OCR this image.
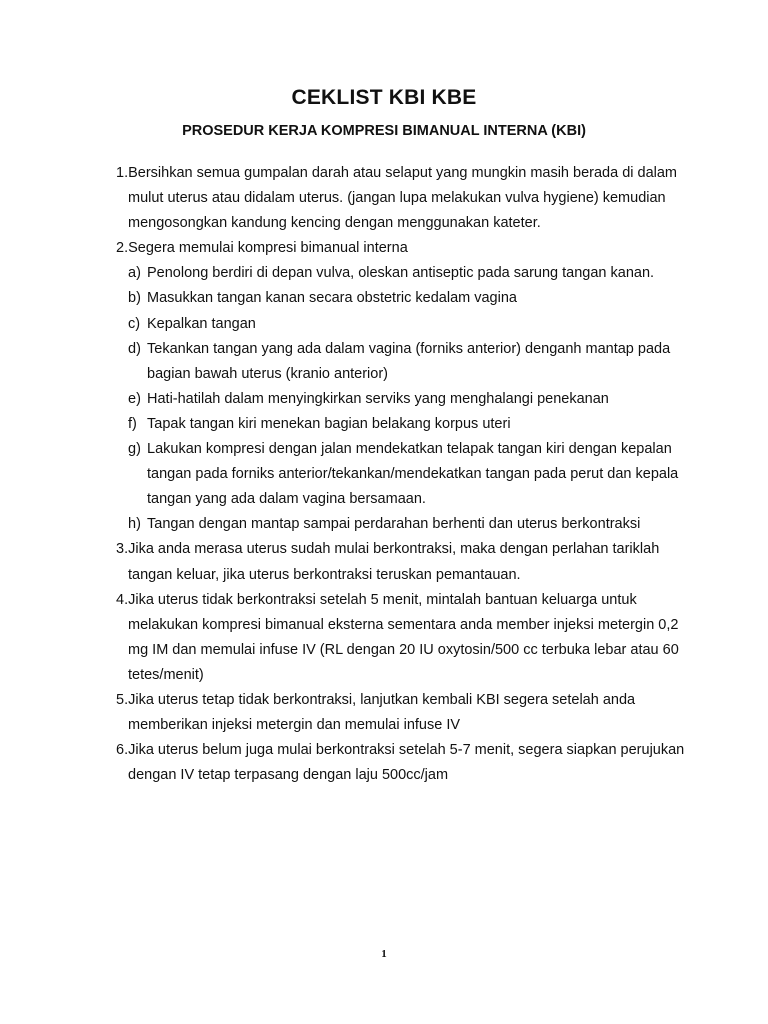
CEKLIST KBI KBE
PROSEDUR KERJA KOMPRESI BIMANUAL INTERNA (KBI)
1.Bersihkan semua gumpalan darah atau selaput yang mungkin masih berada di dalam mulut uterus atau didalam uterus. (jangan lupa melakukan vulva hygiene) kemudian mengosongkan kandung kencing dengan menggunakan kateter.
2.Segera memulai kompresi bimanual interna
a) Penolong berdiri di depan vulva, oleskan antiseptic pada sarung tangan kanan.
b) Masukkan tangan kanan secara obstetric kedalam vagina
c) Kepalkan tangan
d) Tekankan tangan yang ada dalam vagina (forniks anterior) denganh mantap pada bagian bawah uterus (kranio anterior)
e) Hati-hatilah dalam menyingkirkan serviks yang menghalangi penekanan
f) Tapak tangan kiri menekan bagian belakang korpus uteri
g) Lakukan kompresi dengan jalan mendekatkan telapak tangan kiri dengan kepalan tangan pada forniks anterior/tekankan/mendekatkan tangan pada perut dan kepala tangan yang ada dalam vagina bersamaan.
h) Tangan dengan mantap sampai perdarahan berhenti dan uterus berkontraksi
3.Jika anda merasa uterus sudah mulai berkontraksi, maka dengan perlahan tariklah tangan keluar, jika uterus berkontraksi teruskan pemantauan.
4.Jika uterus tidak berkontraksi setelah 5 menit, mintalah bantuan keluarga untuk melakukan kompresi bimanual eksterna sementara anda member injeksi metergin 0,2 mg IM dan memulai infuse IV (RL dengan 20 IU oxytosin/500 cc terbuka lebar atau 60 tetes/menit)
5.Jika uterus tetap tidak berkontraksi, lanjutkan kembali KBI segera setelah anda memberikan injeksi metergin dan memulai infuse IV
6.Jika uterus belum juga mulai berkontraksi setelah 5-7 menit, segera siapkan perujukan dengan IV tetap terpasang dengan laju 500cc/jam
1
